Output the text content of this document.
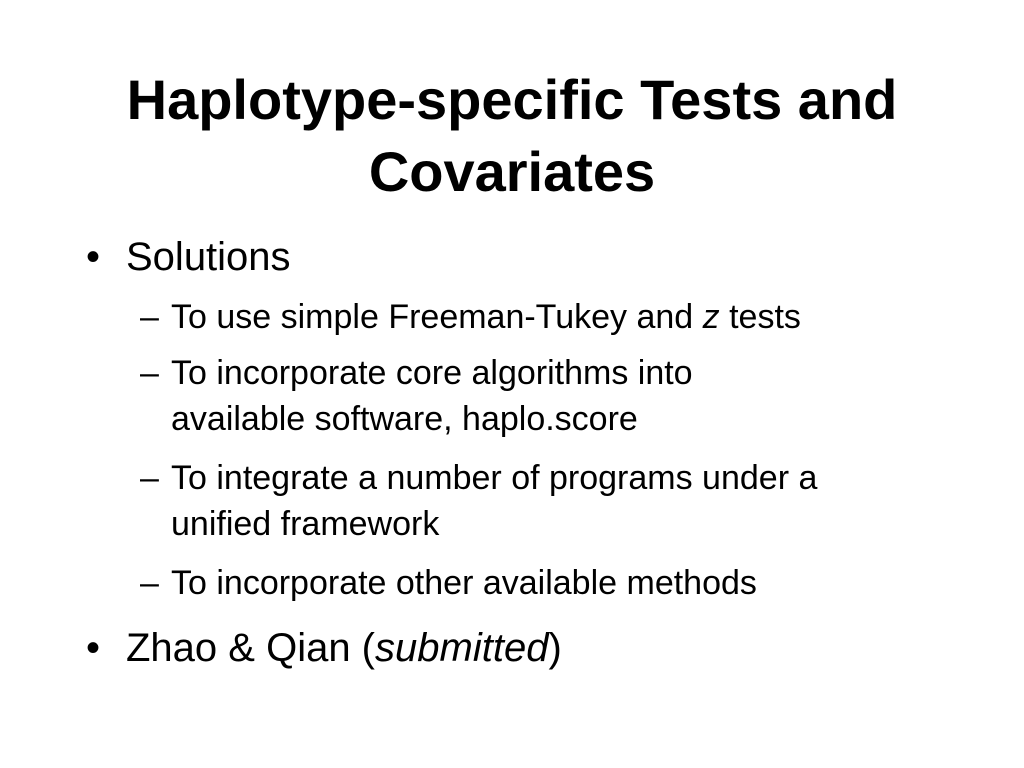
Haplotype-specific Tests and
Covariates
• Solutions
– To use simple Freeman-Tukey and z tests
– To incorporate core algorithms into
available software, haplo.score
– To integrate a number of programs under a
unified framework
– To incorporate other available methods
• Zhao & Qian (submitted)
